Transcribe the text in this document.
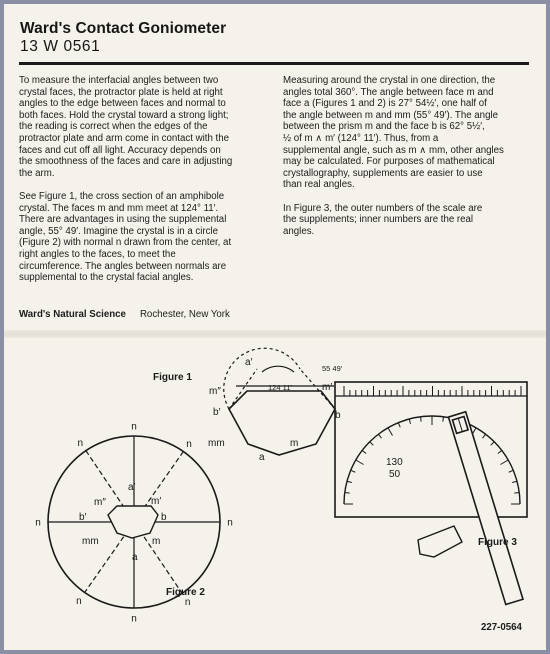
Ward's Contact Goniometer
13 W 0561

To measure the interfacial angles between two
crystal faces, the protractor plate is held at right
angles to the edge between faces and normal to
both faces. Hold the crystal toward a strong light;
the reading is correct when the edges of the
protractor plate and arm come in contact with the
faces and cut off all light. Accuracy depends on
the smoothness of the faces and care in adjusting
the arm.

See Figure 1, the cross section of an amphibole
crystal. The faces m and mm meet at 124° 11′.
There are advantages in using the supplemental
angle, 55° 49′. Imagine the crystal is in a circle
(Figure 2) with normal n drawn from the center, at
right angles to the faces, to meet the
circumference. The angles between normals are
supplemental to the crystal facial angles.

Measuring around the crystal in one direction, the
angles total 360°. The angle between face m and
face a (Figures 1 and 2) is 27° 54½′, one half of
the angle between m and mm (55° 49′). The angle
between the prism m and the face b is 62° 5½′,
½ of m ∧ m′ (124° 11′). Thus, from a
supplemental angle, such as m ∧ mm, other angles
may be calculated. For purposes of mathematical
crystallography, supplements are easier to use
than real angles.

In Figure 3, the outer numbers of the scale are
the supplements; inner numbers are the real
angles.

Ward's Natural Science Rochester, New York
Figure 1
a′
m″	m′
b′	b
mm	m
a
124 11′
55 49′
n
n
n
n
n
n
n
n
a′
m″	m′
b′	b
mm	m
a
Figure 2
130
50
Figure 3
227-0564
